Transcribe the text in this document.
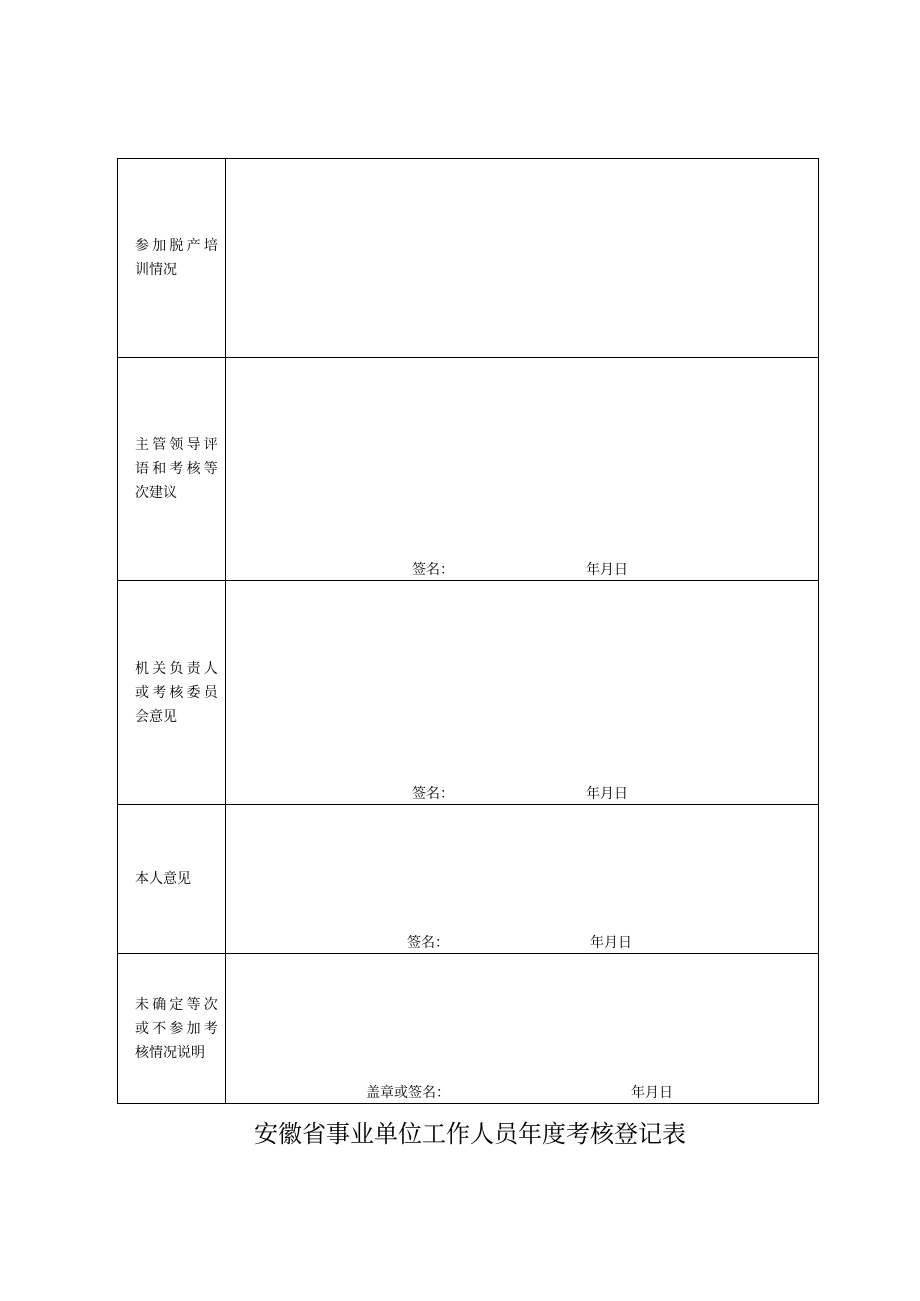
参加脱产培
训情况	

主管领导评
语和考核等
次建议	签名： 年月日

机关负责人
或考核委员
会意见	签名： 年月日

本人意见	签名： 年月日

未确定等次
或不参加考
核情况说明	盖章或签名： 年月日
安徽省事业单位工作人员年度考核登记表
